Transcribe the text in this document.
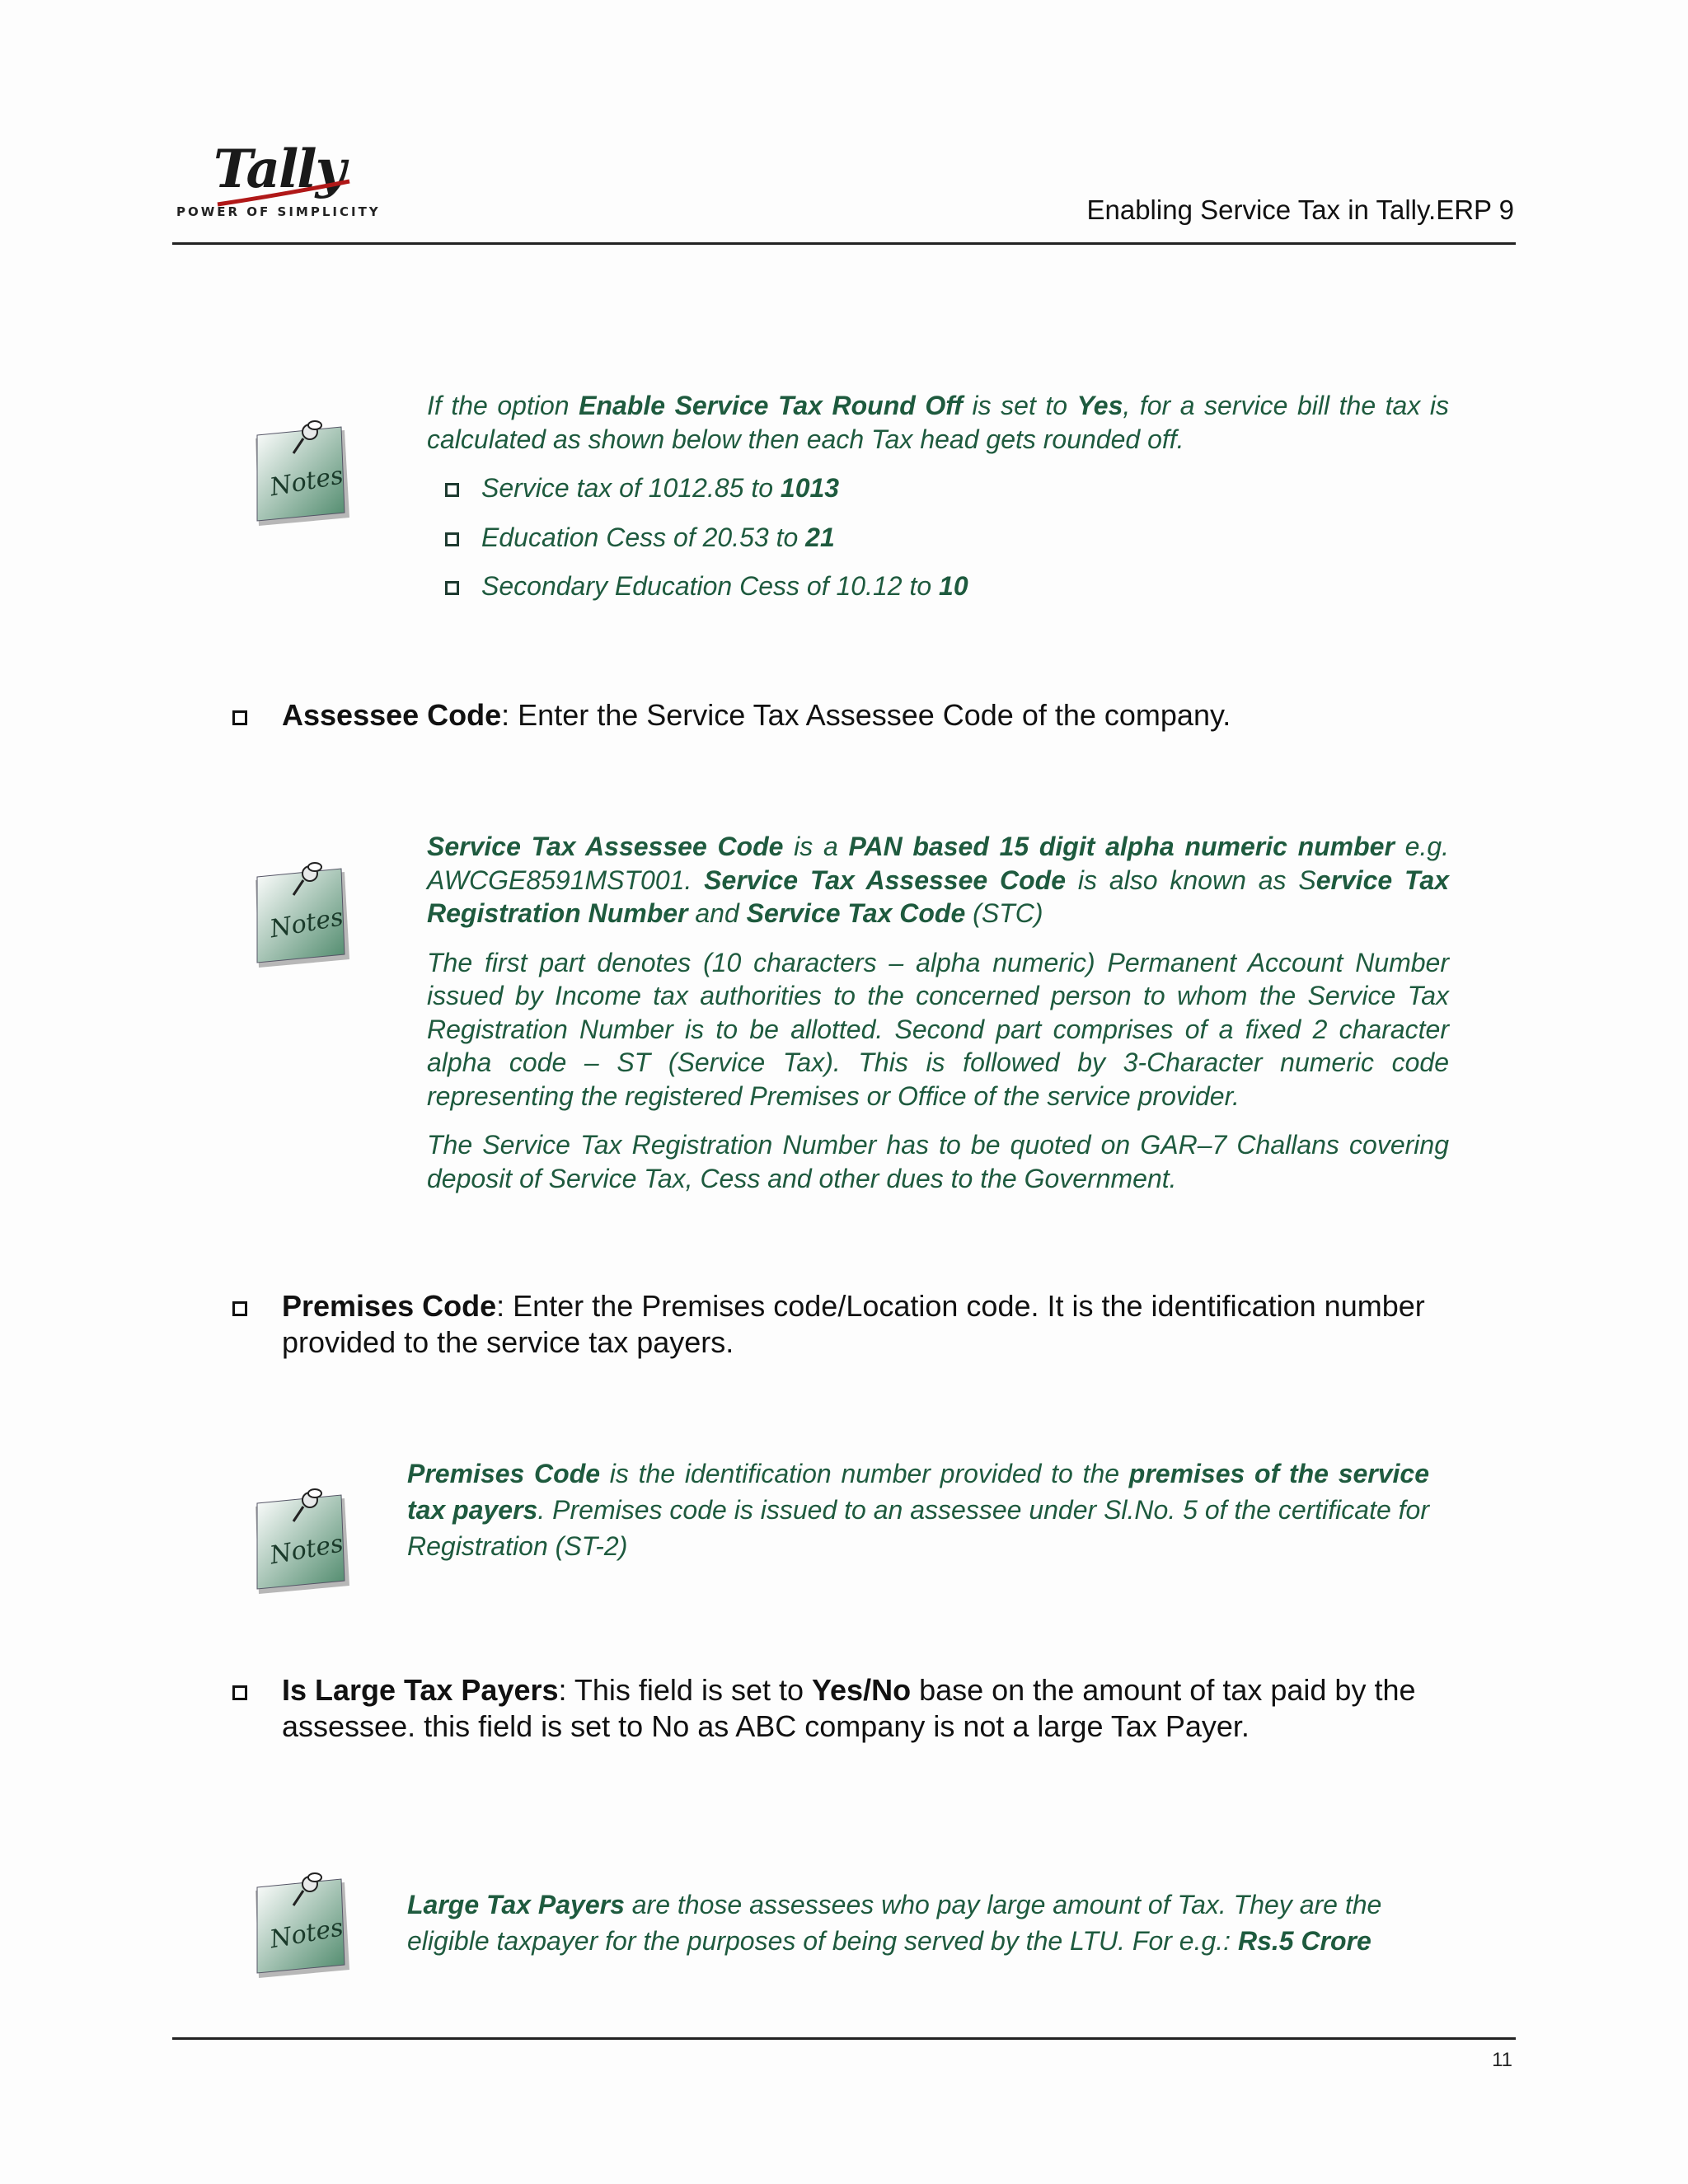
Tally
POWER OF SIMPLICITY	Enabling Service Tax in Tally.ERP 9
Notes

If the option Enable Service Tax Round Off is set to Yes, for a service bill the tax is calculated as shown below then each Tax head gets rounded off.

Service tax of 1012.85 to 1013
Education Cess of 20.53 to 21
Secondary Education Cess of 10.12 to 10
Assessee Code: Enter the Service Tax Assessee Code of the company.
Notes

Service Tax Assessee Code is a PAN based 15 digit alpha numeric number e.g. AWCGE8591MST001. Service Tax Assessee Code is also known as Service Tax Registration Number and Service Tax Code (STC)

The first part denotes (10 characters – alpha numeric) Permanent Account Number issued by Income tax authorities to the concerned person to whom the Service Tax Registration Number is to be allotted. Second part comprises of a fixed 2 character alpha code – ST (Service Tax). This is followed by 3-Character numeric code representing the registered Premises or Office of the service provider.

The Service Tax Registration Number has to be quoted on GAR–7 Challans covering deposit of Service Tax, Cess and other dues to the Government.

Premises Code: Enter the Premises code/Location code. It is the identification number provided to the service tax payers.
Notes

Premises Code is the identification number provided to the premises of the service tax payers. Premises code is issued to an assessee under Sl.No. 5 of the certificate for Registration (ST-2)

Is Large Tax Payers: This field is set to Yes/No base on the amount of tax paid by the assessee. this field is set to No as ABC company is not a large Tax Payer.
Notes

Large Tax Payers are those assessees who pay large amount of Tax. They are the eligible taxpayer for the purposes of being served by the LTU. For e.g.: Rs.5 Crore

11
